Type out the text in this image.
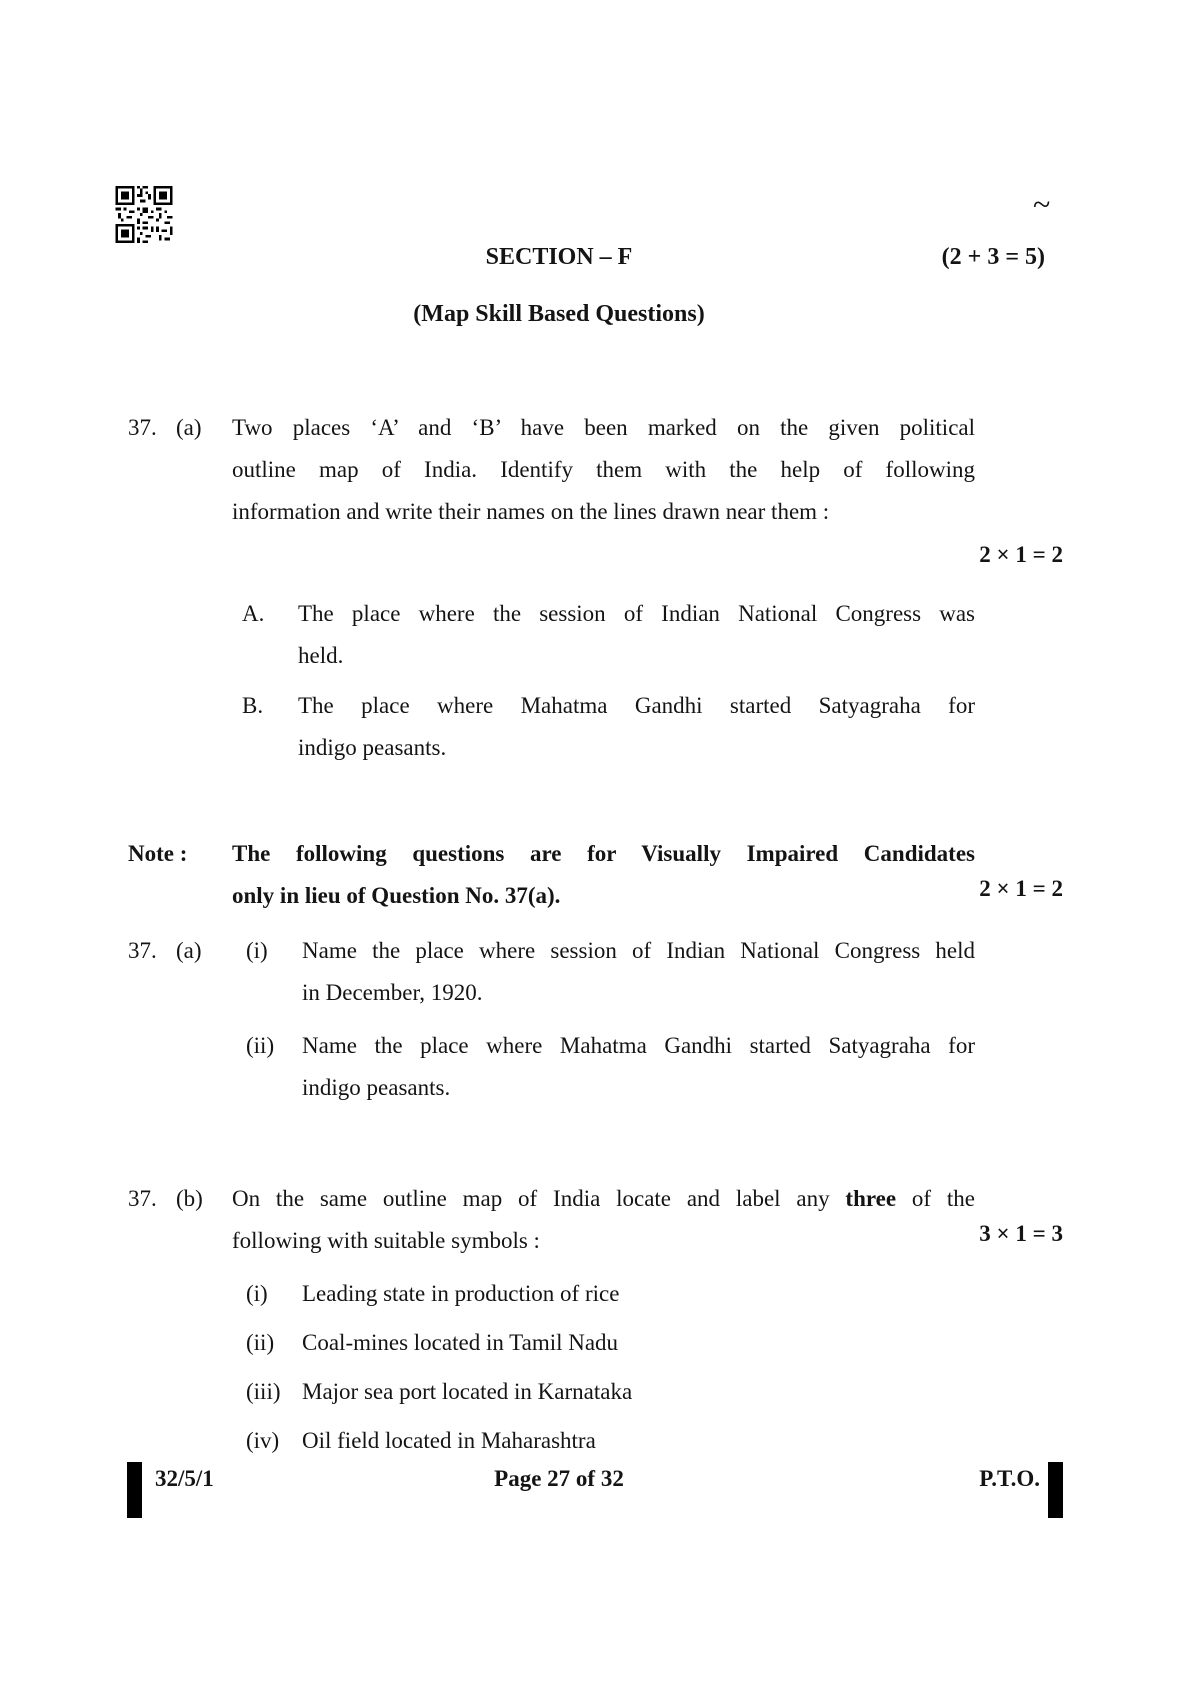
~
SECTION – F	(2 + 3 = 5)
(Map Skill Based Questions)
37. (a)	Two places ‘A’ and ‘B’ have been marked on the given political
outline map of India. Identify them with the help of following
information and write their names on the lines drawn near them :
2 × 1 = 2
A.	The place where the session of Indian National Congress was
held.
B.	The place where Mahatma Gandhi started Satyagraha for
indigo peasants.
Note :	The following questions are for Visually Impaired Candidates
only in lieu of Question No. 37(a).	2 × 1 = 2
37. (a)	(i)	Name the place where session of Indian National Congress held
in December, 1920.
(ii)	Name the place where Mahatma Gandhi started Satyagraha for
indigo peasants.
37. (b)	On the same outline map of India locate and label any three of the
following with suitable symbols :	3 × 1 = 3
(i)	Leading state in production of rice
(ii)	Coal-mines located in Tamil Nadu
(iii) Major sea port located in Karnataka
(iv) Oil field located in Maharashtra
32/5/1	Page 27 of 32	P.T.O.
